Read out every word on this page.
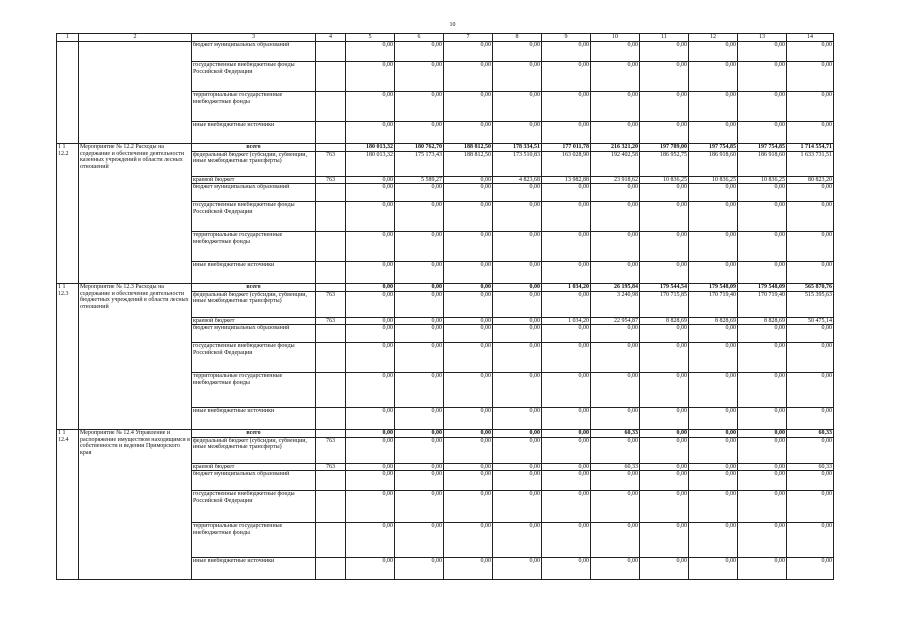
10
1	2	3	4	5	6	7	8	9	10	11	12	13	14
		бюджет муниципальных образований		0,00	0,00	0,00	0,00	0,00	0,00	0,00	0,00	0,00	0,00
		государственные внебюджетные фонды Российской Федерации		0,00	0,00	0,00	0,00	0,00	0,00	0,00	0,00	0,00	0,00
		территориальные государственные внебюджетные фонды		0,00	0,00	0,00	0,00	0,00	0,00	0,00	0,00	0,00	0,00
		иные внебюджетные источники		0,00	0,00	0,00	0,00	0,00	0,00	0,00	0,00	0,00	0,00
1 1 12.2	Мероприятие № 12.2 Расходы на содержание и обеспечение деятельности казенных учреждений в области лесных отношений	всего		180 013,32	180 762,70	188 812,50	178 334,51	177 011,78	216 321,20	197 789,00	197 754,85	197 754,85	1 714 554,71
		федеральный бюджет (субсидии, субвенции, иные межбюджетные трансферты)	763	180 013,32	175 173,43	188 812,50	173 510,83	163 028,90	192 402,58	186 952,75	186 918,60	186 918,60	1 633 731,51
		краевой бюджет	763	0,00	5 589,27	0,00	4 823,68	13 982,88	23 918,62	10 836,25	10 836,25	10 836,25	80 823,20
		бюджет муниципальных образований		0,00	0,00	0,00	0,00	0,00	0,00	0,00	0,00	0,00	0,00
		государственные внебюджетные фонды Российской Федерации		0,00	0,00	0,00	0,00	0,00	0,00	0,00	0,00	0,00	0,00
		территориальные государственные внебюджетные фонды		0,00	0,00	0,00	0,00	0,00	0,00	0,00	0,00	0,00	0,00
		иные внебюджетные источники		0,00	0,00	0,00	0,00	0,00	0,00	0,00	0,00	0,00	0,00
1 1 12.3	Мероприятие № 12.3 Расходы на содержание и обеспечение деятельности бюджетных учреждений в области лесных отношений	всего		0,00	0,00	0,00	0,00	1 034,20	26 195,84	179 544,54	179 548,09	179 548,09	565 870,76
		федеральный бюджет (субсидии, субвенции, иные межбюджетные трансферты)	763	0,00	0,00	0,00	0,00	0,00	3 240,98	170 715,85	170 719,40	170 719,40	515 395,63
		краевой бюджет	763	0,00	0,00	0,00	0,00	1 034,20	22 954,87	8 828,69	8 828,69	8 828,69	50 475,14
		бюджет муниципальных образований		0,00	0,00	0,00	0,00	0,00	0,00	0,00	0,00	0,00	0,00
		государственные внебюджетные фонды Российской Федерации		0,00	0,00	0,00	0,00	0,00	0,00	0,00	0,00	0,00	0,00
		территориальные государственные внебюджетные фонды		0,00	0,00	0,00	0,00	0,00	0,00	0,00	0,00	0,00	0,00
		иные внебюджетные источники		0,00	0,00	0,00	0,00	0,00	0,00	0,00	0,00	0,00	0,00
1 1 12.4	Мероприятие № 12.4 Управление и распоряжение имуществом находящимся в собственности и ведении Приморского края	всего		0,00	0,00	0,00	0,00	0,00	60,33	0,00	0,00	0,00	60,33
		федеральный бюджет (субсидии, субвенции, иные межбюджетные трансферты)	763	0,00	0,00	0,00	0,00	0,00	0,00	0,00	0,00	0,00	0,00
		краевой бюджет	763	0,00	0,00	0,00	0,00	0,00	60,33	0,00	0,00	0,00	60,33
		бюджет муниципальных образований		0,00	0,00	0,00	0,00	0,00	0,00	0,00	0,00	0,00	0,00
		государственные внебюджетные фонды Российской Федерации		0,00	0,00	0,00	0,00	0,00	0,00	0,00	0,00	0,00	0,00
		территориальные государственные внебюджетные фонды		0,00	0,00	0,00	0,00	0,00	0,00	0,00	0,00	0,00	0,00
		иные внебюджетные источники		0,00	0,00	0,00	0,00	0,00	0,00	0,00	0,00	0,00	0,00
